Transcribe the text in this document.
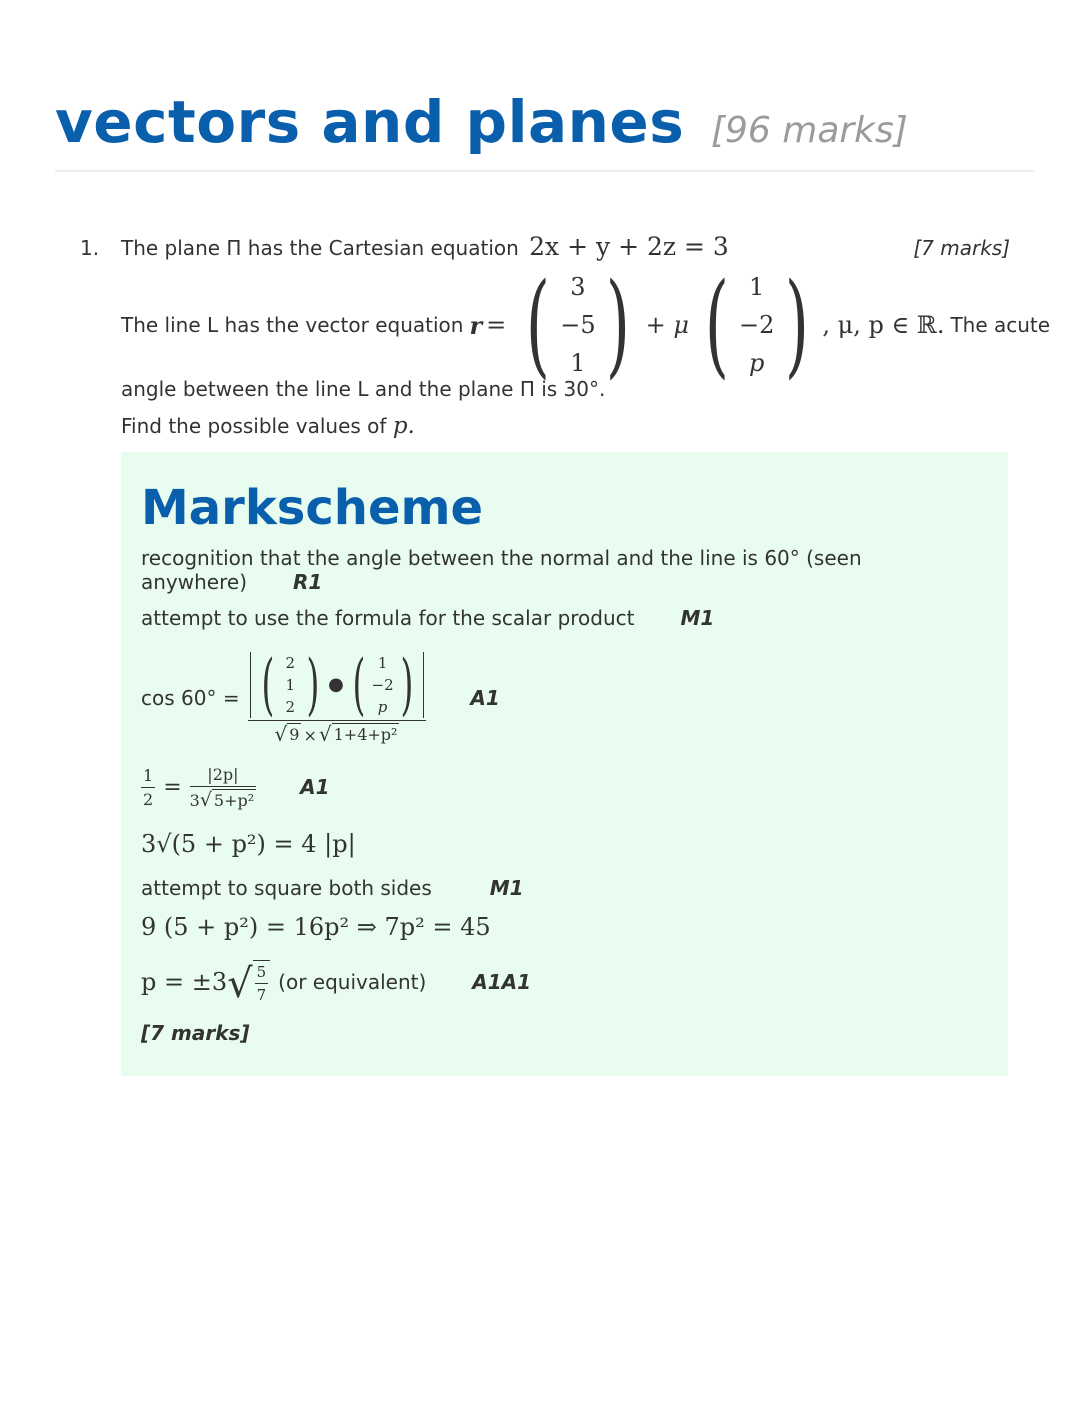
vectors and planes [96 marks]
1. The plane Π has the Cartesian equation 2x + y + 2z = 3	[7 marks]
The line L has the vector equation r = ( 3
−5
1 ) + μ ( 1
−2
p ) , μ, p ∈ ℝ. The acute
angle between the line L and the plane Π is 30°.
Find the possible values of p.
Markscheme
recognition that the angle between the normal and the line is 60° (seen anywhere) R1
attempt to use the formula for the scalar product M1
cos 60° = ( 2
1
2 ) ● ( 1
−2
p )
√ 9 × √ 1+4+p²
A1
$\frac{1}{2} = \frac{|2p|}{\text{3 √ 5+p²}} A1$
3√(5 + p²) = 4 |p|
attempt to square both sides	M1
9 (5 + p²) = 16p² ⇒ 7p² = 45
p = ±3 √ $\frac{5}{7} (or$ equivalent) A1A1
[7 marks]
